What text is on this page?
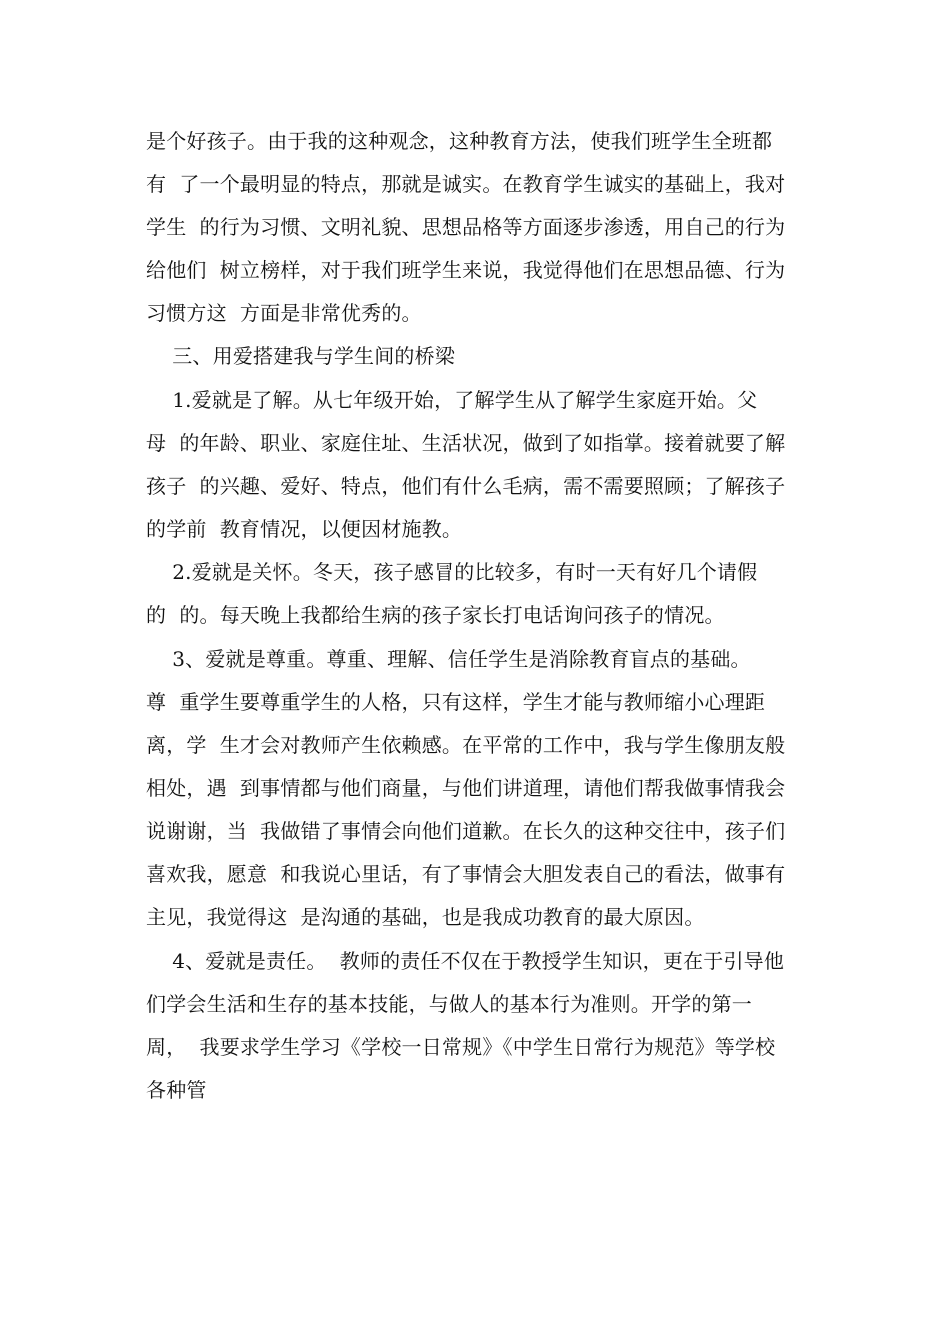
是个好孩子。由于我的这种观念，这种教育方法，使我们班学生全班都
有  了一个最明显的特点，那就是诚实。在教育学生诚实的基础上，我对
学生  的行为习惯、文明礼貌、思想品格等方面逐步渗透，用自己的行为
给他们  树立榜样，对于我们班学生来说，我觉得他们在思想品德、行为
习惯方这  方面是非常优秀的。
三、用爱搭建我与学生间的桥梁
1.爱就是了解。从七年级开始，了解学生从了解学生家庭开始。父
母  的年龄、职业、家庭住址、生活状况，做到了如指掌。接着就要了解
孩子  的兴趣、爱好、特点，他们有什么毛病，需不需要照顾；了解孩子
的学前  教育情况，以便因材施教。
2.爱就是关怀。冬天，孩子感冒的比较多，有时一天有好几个请假
的  的。每天晚上我都给生病的孩子家长打电话询问孩子的情况。
3、爱就是尊重。尊重、理解、信任学生是消除教育盲点的基础。
尊  重学生要尊重学生的人格，只有这样，学生才能与教师缩小心理距
离，学  生才会对教师产生依赖感。在平常的工作中，我与学生像朋友般
相处，遇  到事情都与他们商量，与他们讲道理，请他们帮我做事情我会
说谢谢，当  我做错了事情会向他们道歉。在长久的这种交往中，孩子们
喜欢我，愿意  和我说心里话，有了事情会大胆发表自己的看法，做事有
主见，我觉得这  是沟通的基础，也是我成功教育的最大原因。
4、爱就是责任。  教师的责任不仅在于教授学生知识，更在于引导他
们学会生活和生存的基本技能，与做人的基本行为准则。开学的第一
周，  我要求学生学习《学校一日常规》《中学生日常行为规范》等学校
各种管
